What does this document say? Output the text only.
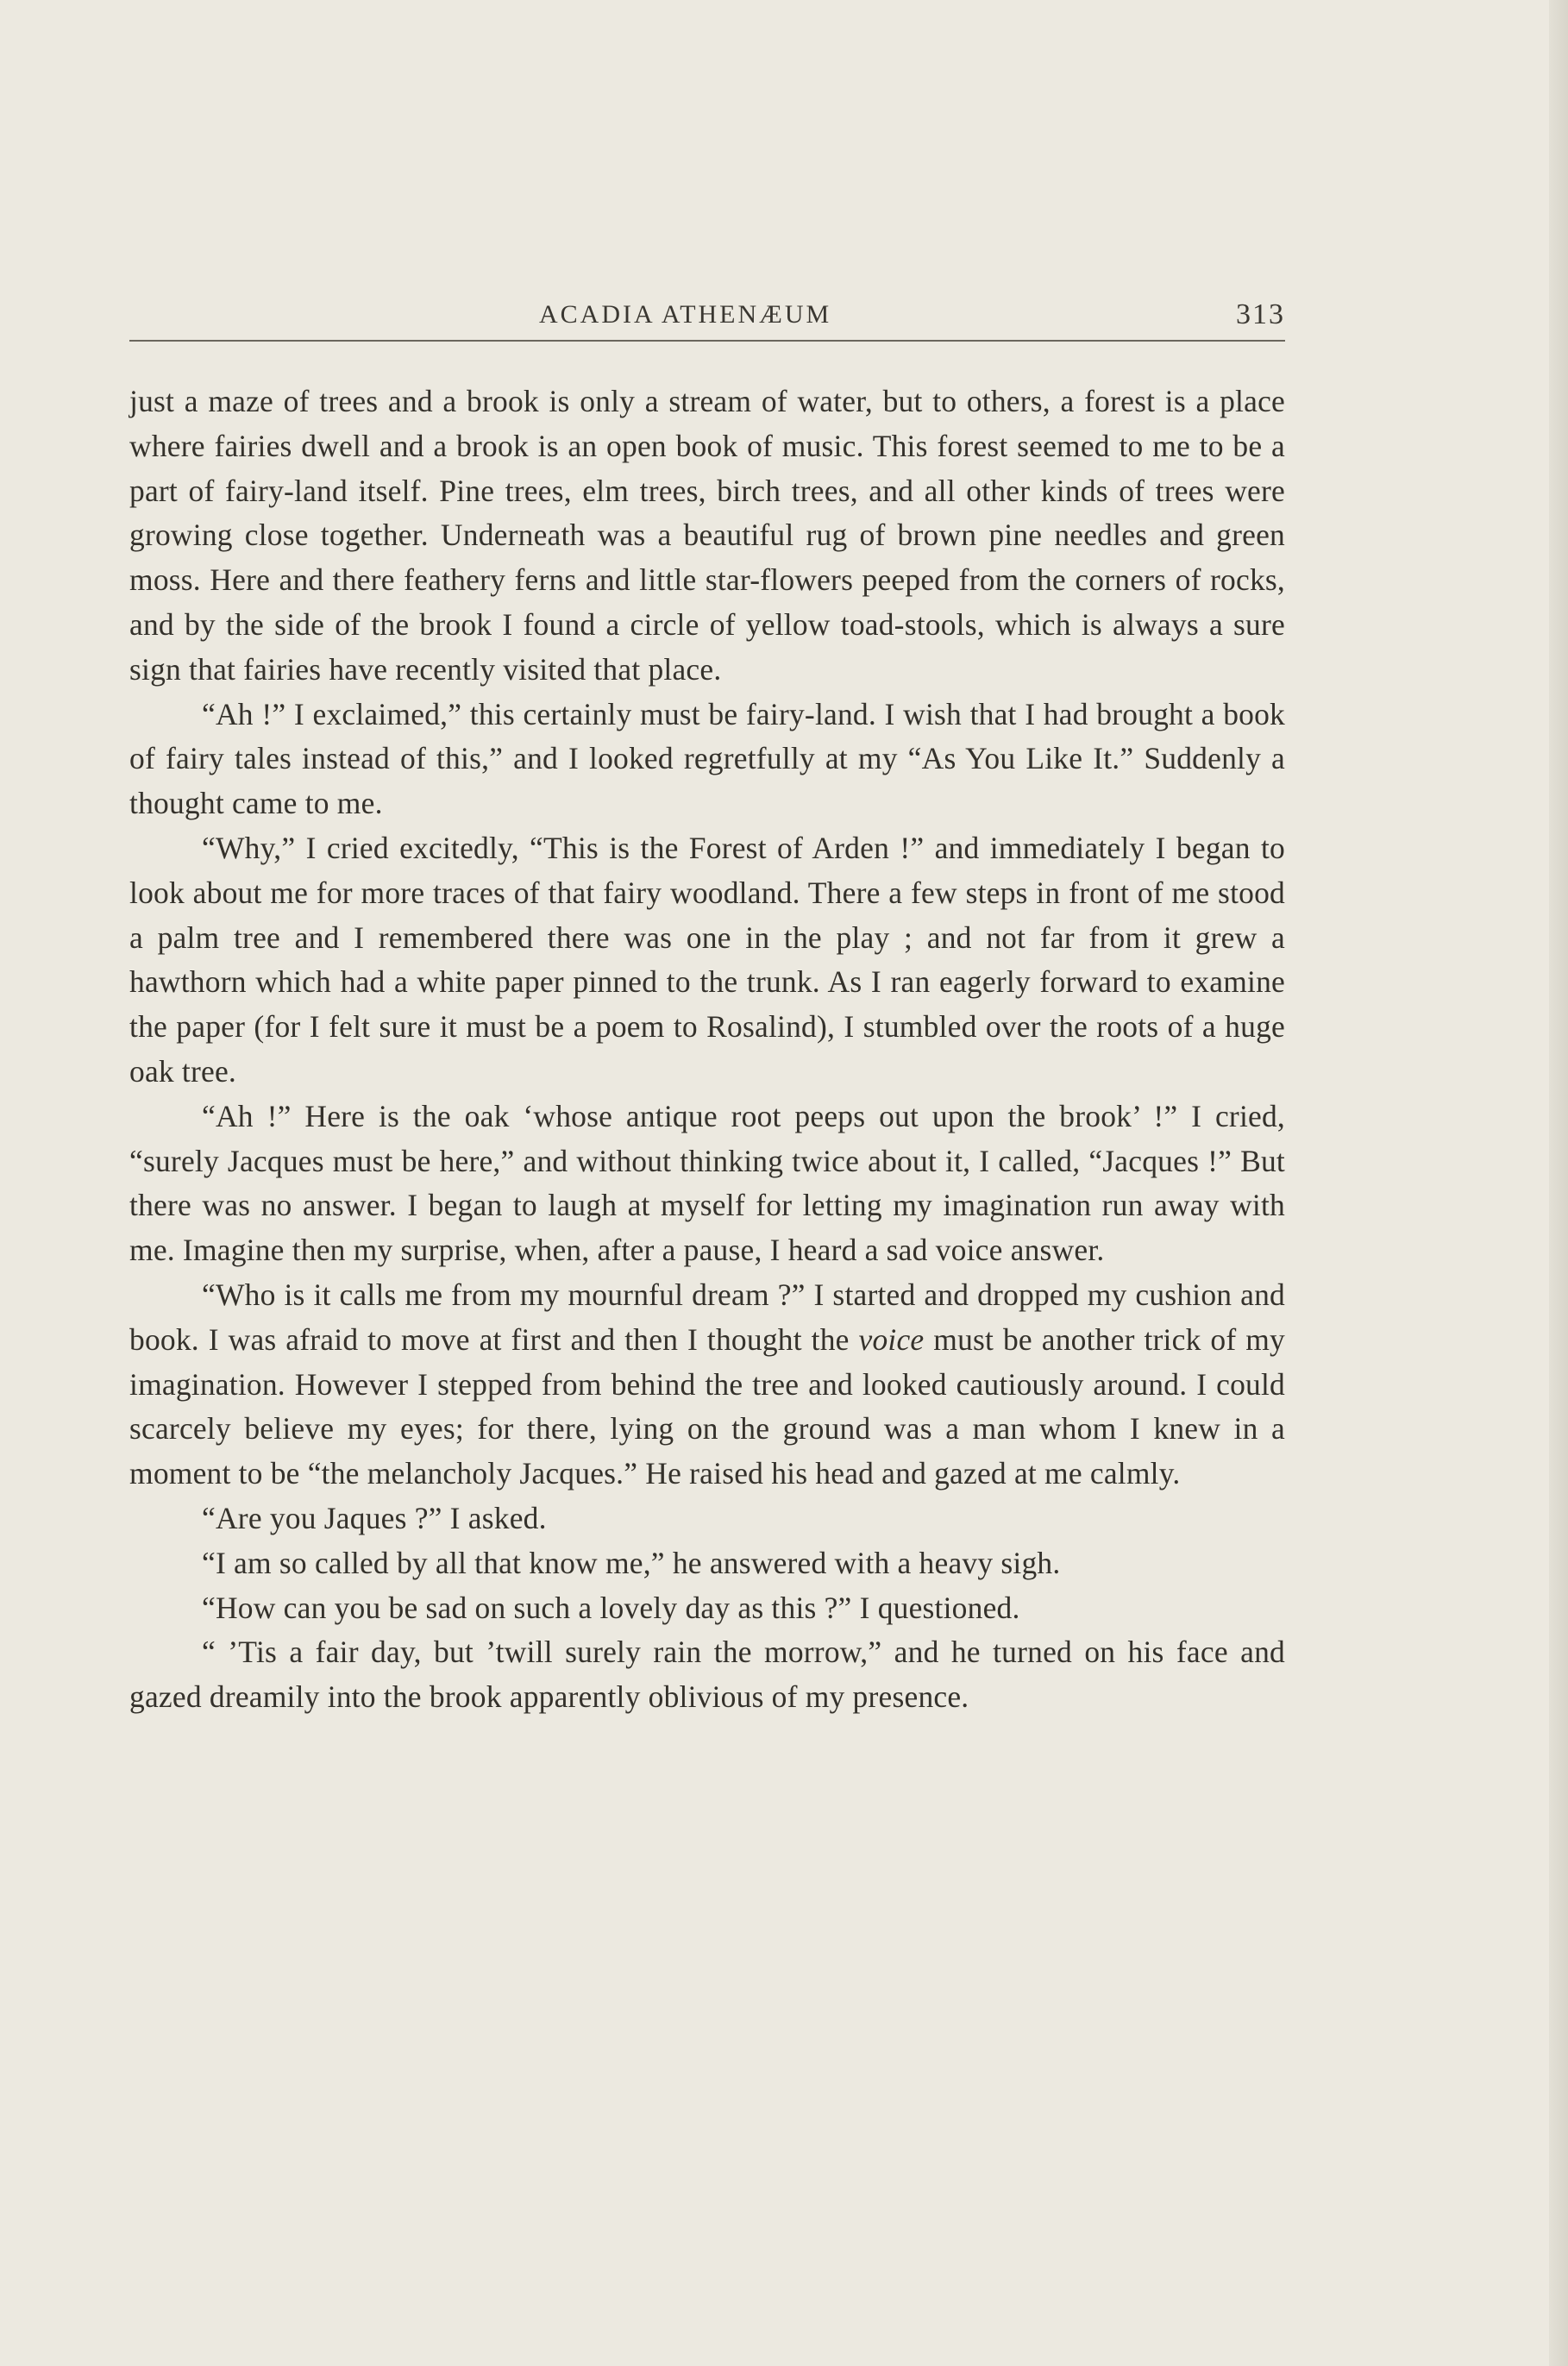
ACADIA ATHENÆUM	313

just a maze of trees and a brook is only a stream of water, but to others, a forest is a place where fairies dwell and a brook is an open book of music. This forest seemed to me to be a part of fairy-land itself. Pine trees, elm trees, birch trees, and all other kinds of trees were growing close together. Underneath was a beautiful rug of brown pine needles and green moss. Here and there feathery ferns and little star-flowers peeped from the corners of rocks, and by the side of the brook I found a circle of yellow toad-stools, which is always a sure sign that fairies have recently visited that place.

“Ah !” I exclaimed,” this certainly must be fairy-land. I wish that I had brought a book of fairy tales instead of this,” and I looked regretfully at my “As You Like It.” Suddenly a thought came to me.

“Why,” I cried excitedly, “This is the Forest of Arden !” and immediately I began to look about me for more traces of that fairy woodland. There a few steps in front of me stood a palm tree and I remembered there was one in the play ; and not far from it grew a hawthorn which had a white paper pinned to the trunk. As I ran eagerly forward to examine the paper (for I felt sure it must be a poem to Rosalind), I stumbled over the roots of a huge oak tree.

“Ah !” Here is the oak ‘whose antique root peeps out upon the brook’ !” I cried, “surely Jacques must be here,” and without thinking twice about it, I called, “Jacques !” But there was no answer. I began to laugh at myself for letting my imagination run away with me. Imagine then my surprise, when, after a pause, I heard a sad voice answer.

“Who is it calls me from my mournful dream ?” I started and dropped my cushion and book. I was afraid to move at first and then I thought the voice must be another trick of my imagination. However I stepped from behind the tree and looked cautiously around. I could scarcely believe my eyes; for there, lying on the ground was a man whom I knew in a moment to be “the melancholy Jacques.” He raised his head and gazed at me calmly.

“Are you Jaques ?” I asked.

“I am so called by all that know me,” he answered with a heavy sigh.

“How can you be sad on such a lovely day as this ?” I questioned.

“ ’Tis a fair day, but ’twill surely rain the morrow,” and he turned on his face and gazed dreamily into the brook apparently oblivious of my presence.
